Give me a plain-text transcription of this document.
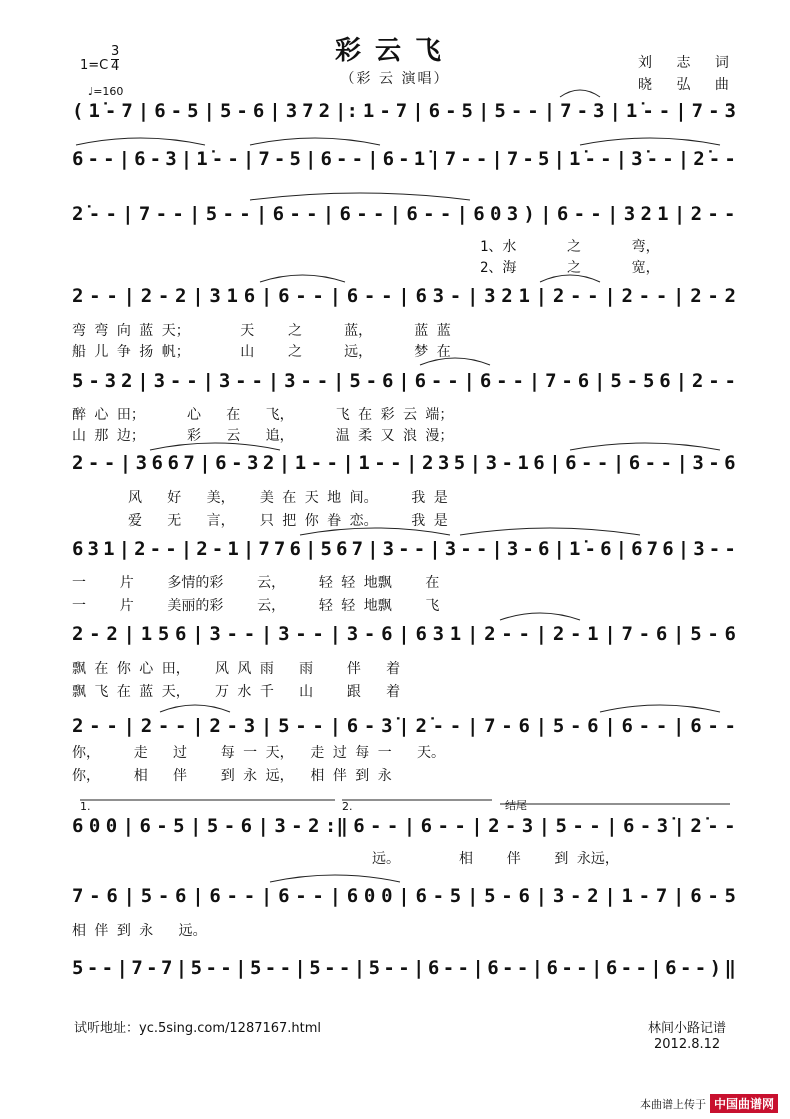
彩云飞
（彩 云 演唱）
$1=C \frac{3}{4}$
♩=160
刘 志 词
晓 弘 曲
( 1̇ - 7 | 6 - 5 | 5 - 6 | 3 7 2 |: 1 - 7 | 6 - 5 | 5 - - | 7 - 3 | 1̇ - - | 7 - 3
6 - - | 6 - 3 | 1̇ - - | 7 - 5 | 6 - - | 6 - 1̇ | 7 - - | 7 - 5 | 1̇ - - | 3̇ - - | 2̇ - -
2̇ - - | 7 - - | 5 - - | 6 - - | 6 - - | 6 - - | 6 0 3 ) | 6 - - | 3 2 1 | 2 - -
2 - - | 2 - 2 | 3 1 6 | 6 - - | 6 - - | 6 3 - | 3 2 1 | 2 - - | 2 - - | 2 - 2
5 - 3 2 | 3 - - | 3 - - | 3 - - | 5 - 6 | 6 - - | 6 - - | 7 - 6 | 5 - 5 6 | 2 - -
2 - - | 3 6 6 7 | 6 - 3 2 | 1 - - | 1 - - | 2 3 5 | 3 - 1 6 | 6 - - | 6 - - | 3 - 6
6 3 1 | 2 - - | 2 - 1 | 7 7 6 | 5 6 7 | 3 - - | 3 - - | 3 - 6 | 1̇ - 6 | 6 7 6 | 3 - -
2 - 2 | 1 5 6 | 3 - - | 3 - - | 3 - 6 | 6 3 1 | 2 - - | 2 - 1 | 7 - 6 | 5 - 6
2 - - | 2 - - | 2 - 3 | 5 - - | 6 - 3̇ | 2̇ - - | 7 - 6 | 5 - 6 | 6 - - | 6 - -
6 0 0 | 6 - 5 | 5 - 6 | 3 - 2 :‖ 6 - - | 6 - - | 2 - 3 | 5 - - | 6 - 3̇ | 2̇ - -
7 - 6 | 5 - 6 | 6 - - | 6 - - | 6 0 0 | 6 - 5 | 5 - 6 | 3 - 2 | 1 - 7 | 6 - 5
5 - - | 7 - 7 | 5 - - | 5 - - | 5 - - | 5 - - | 6 - - | 6 - - | 6 - - | 6 - - | 6 - - ) ‖
1、水      之      弯，
2、海      之      宽，
弯 弯 向 蓝 天；      天    之     蓝，     蓝 蓝
船 儿 争 扬 帆；      山    之     远，     梦 在
醉 心 田；     心   在   飞，     飞 在 彩 云 端；
山 那 边；     彩   云   追，     温 柔 又 浪 漫；
风   好   美，   美 在 天 地 间。    我 是
爱   无   言，   只 把 你 眷 恋。    我 是
一    片    多情的彩    云，    轻 轻 地飘    在
一    片    美丽的彩    云，    轻 轻 地飘    飞
飘 在 你 心 田，   风 风 雨   雨    伴   着
飘 飞 在 蓝 天，   万 水 千   山    跟   着
你，    走   过    每 一 天，  走 过 每 一   天。
你，    相   伴    到 永 远，  相 伴 到 永
远。       相    伴    到 永远，
相 伴 到 永   远。
1.	2.	结尾
试听地址：yc.5sing.com/1287167.html	林间小路记谱
2012.8.12
本曲谱上传于 中国曲谱网
